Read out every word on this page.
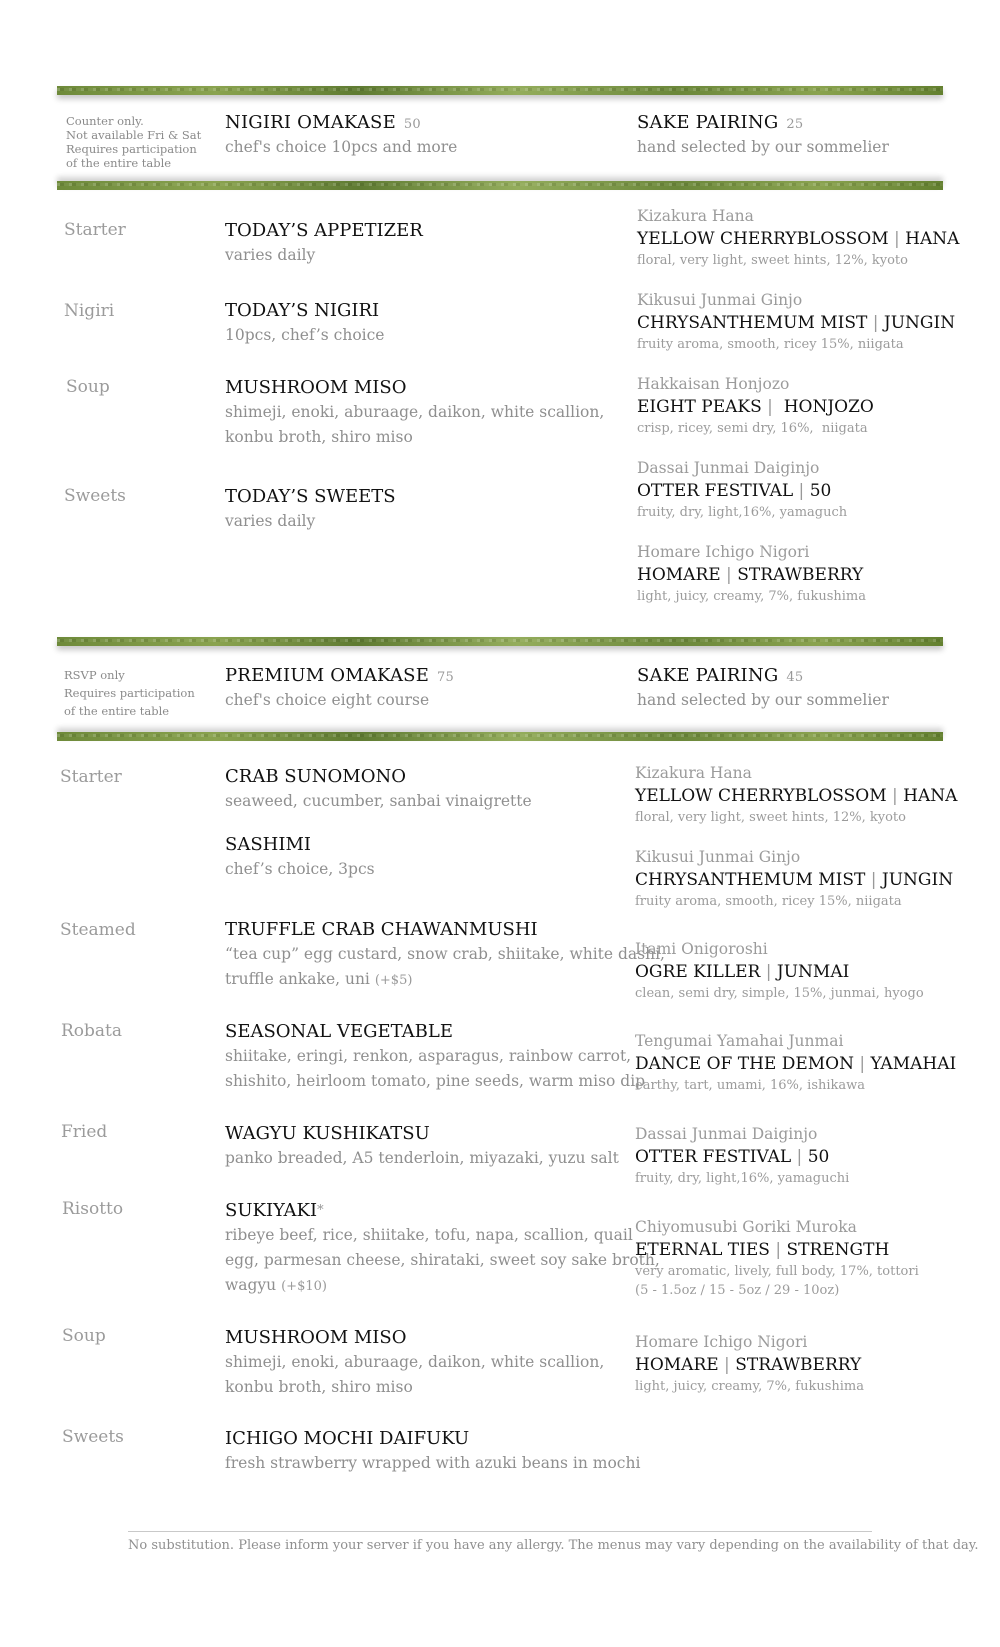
Counter only.
Not available Fri & Sat
Requires participation
of the entire table
NIGIRI OMAKASE 50
chef's choice 10pcs and more
SAKE PAIRING 25
hand selected by our sommelier
Starter	TODAY’S APPETIZER
varies daily
Nigiri	TODAY’S NIGIRI
10pcs, chef’s choice
Soup	MUSHROOM MISO
shimeji, enoki, aburaage, daikon, white scallion,
konbu broth, shiro miso
Sweets	TODAY’S SWEETS
varies daily
Kizakura Hana
YELLOW CHERRYBLOSSOM | HANA
floral, very light, sweet hints, 12%, kyoto
Kikusui Junmai Ginjo
CHRYSANTHEMUM MIST | JUNGIN
fruity aroma, smooth, ricey 15%, niigata
Hakkaisan Honjozo
EIGHT PEAKS |  HONJOZO
crisp, ricey, semi dry, 16%,  niigata
Dassai Junmai Daiginjo
OTTER FESTIVAL | 50
fruity, dry, light,16%, yamaguch
Homare Ichigo Nigori
HOMARE | STRAWBERRY
light, juicy, creamy, 7%, fukushima
RSVP only
Requires participation
of the entire table
PREMIUM OMAKASE 75
chef's choice eight course
SAKE PAIRING 45
hand selected by our sommelier
Starter	CRAB SUNOMONO
seaweed, cucumber, sanbai vinaigrette
SASHIMI
chef’s choice, 3pcs
Steamed	TRUFFLE CRAB CHAWANMUSHI
“tea cup” egg custard, snow crab, shiitake, white dashi,
truffle ankake, uni (+$5)
Robata	SEASONAL VEGETABLE
shiitake, eringi, renkon, asparagus, rainbow carrot,
shishito, heirloom tomato, pine seeds, warm miso dip
Fried	WAGYU KUSHIKATSU
panko breaded, A5 tenderloin, miyazaki, yuzu salt
Risotto	SUKIYAKI*
ribeye beef, rice, shiitake, tofu, napa, scallion, quail
egg, parmesan cheese, shirataki, sweet soy sake broth,
wagyu (+$10)
Soup	MUSHROOM MISO
shimeji, enoki, aburaage, daikon, white scallion,
konbu broth, shiro miso
Sweets	ICHIGO MOCHI DAIFUKU
fresh strawberry wrapped with azuki beans in mochi
Kizakura Hana
YELLOW CHERRYBLOSSOM | HANA
floral, very light, sweet hints, 12%, kyoto
Kikusui Junmai Ginjo
CHRYSANTHEMUM MIST | JUNGIN
fruity aroma, smooth, ricey 15%, niigata
Itami Onigoroshi
OGRE KILLER | JUNMAI
clean, semi dry, simple, 15%, junmai, hyogo
Tengumai Yamahai Junmai
DANCE OF THE DEMON | YAMAHAI
earthy, tart, umami, 16%, ishikawa
Dassai Junmai Daiginjo
OTTER FESTIVAL | 50
fruity, dry, light,16%, yamaguchi
Chiyomusubi Goriki Muroka
ETERNAL TIES | STRENGTH
very aromatic, lively, full body, 17%, tottori
(5 - 1.5oz / 15 - 5oz / 29 - 10oz)
Homare Ichigo Nigori
HOMARE | STRAWBERRY
light, juicy, creamy, 7%, fukushima
No substitution. Please inform your server if you have any allergy. The menus may vary depending on the availability of that day.
